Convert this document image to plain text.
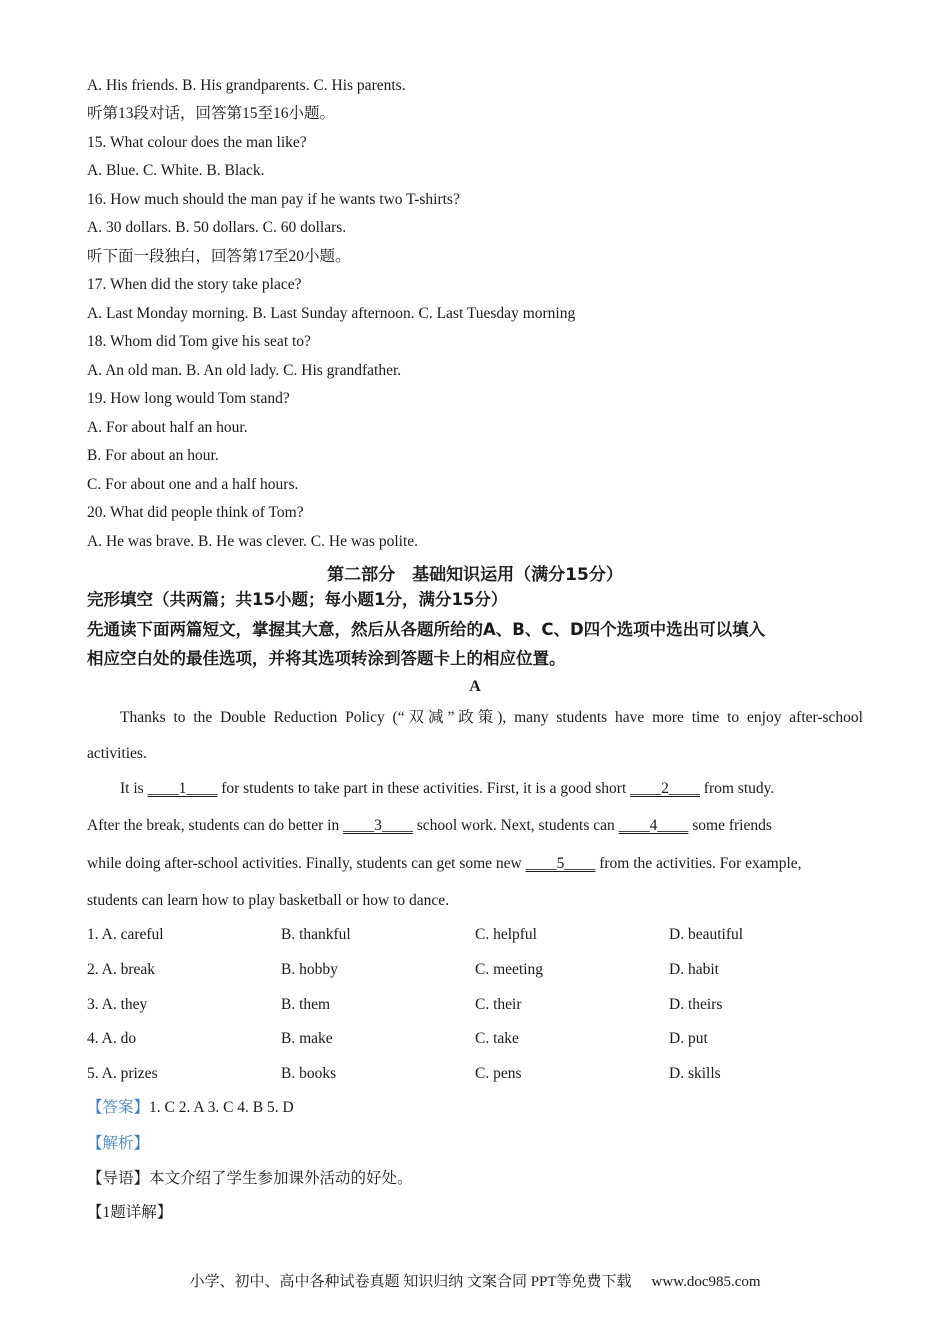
A. His friends. B. His grandparents. C. His parents.
听第13段对话，回答第15至16小题。
15. What colour does the man like?
A. Blue. C. White. B. Black.
16. How much should the man pay if he wants two T-shirts?
A. 30 dollars. B. 50 dollars. C. 60 dollars.
听下面一段独白，回答第17至20小题。
17. When did the story take place?
A. Last Monday morning. B. Last Sunday afternoon. C. Last Tuesday morning
18. Whom did Tom give his seat to?
A. An old man. B. An old lady. C. His grandfather.
19. How long would Tom stand?
A. For about half an hour.
B. For about an hour.
C. For about one and a half hours.
20. What did people think of Tom?
A. He was brave. B. He was clever. C. He was polite.
第二部分　基础知识运用（满分15分）
完形填空（共两篇；共15小题；每小题1分，满分15分）
先通读下面两篇短文，掌握其大意，然后从各题所给的A、B、C、D四个选项中选出可以填入
相应空白处的最佳选项，并将其选项转涂到答题卡上的相应位置。
A
Thanks to the Double Reduction Policy (“双减”政策), many students have more time to enjoy after-school
activities.
It is ____1____ for students to take part in these activities. First, it is a good short ____2____ from study.
After the break, students can do better in ____3____ school work. Next, students can ____4____ some friends
while doing after-school activities. Finally, students can get some new ____5____ from the activities. For example,
students can learn how to play basketball or how to dance.
1. A. careful	B. thankful	C. helpful	D. beautiful
2. A. break	B. hobby	C. meeting	D. habit
3. A. they	B. them	C. their	D. theirs
4. A. do	B. make	C. take	D. put
5. A. prizes	B. books	C. pens	D. skills
【答案】1. C 2. A 3. C 4. B 5. D
【解析】
【导语】本文介绍了学生参加课外活动的好处。
【1题详解】
小学、初中、高中各种试卷真题 知识归纳 文案合同 PPT等免费下载 www.doc985.com
